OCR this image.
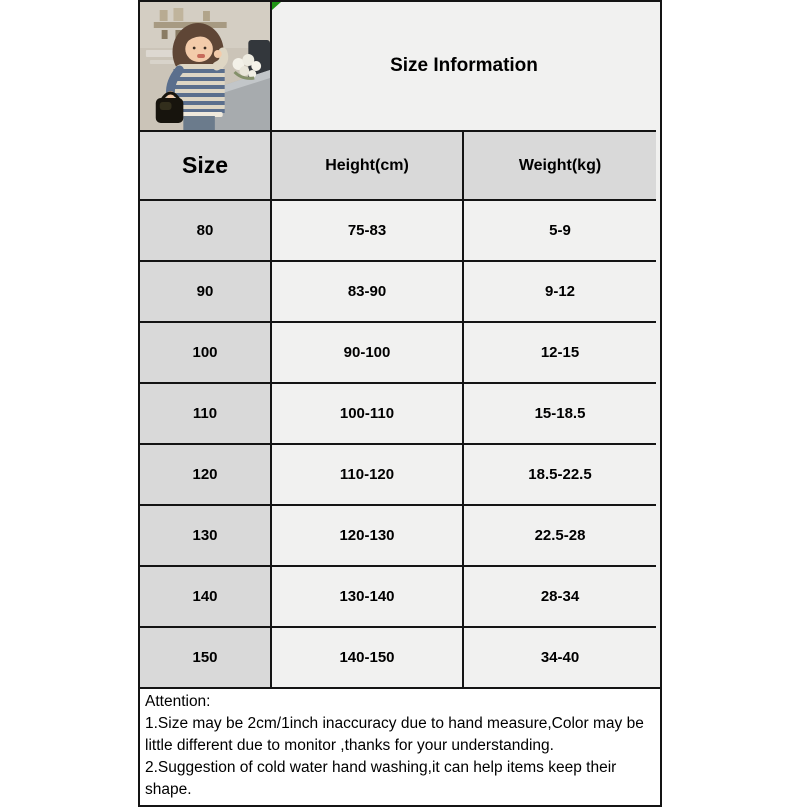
Size Information
Size	Height(cm)	Weight(kg)
80	75-83	5-9
90	83-90	9-12
100	90-100	12-15
110	100-110	15-18.5
120	110-120	18.5-22.5
130	120-130	22.5-28
140	130-140	28-34
150	140-150	34-40
Attention:
1.Size may be 2cm/1inch inaccuracy due to hand measure,Color may be little different due to monitor ,thanks for your understanding.
2.Suggestion of cold water hand washing,it can help items keep their shape.
